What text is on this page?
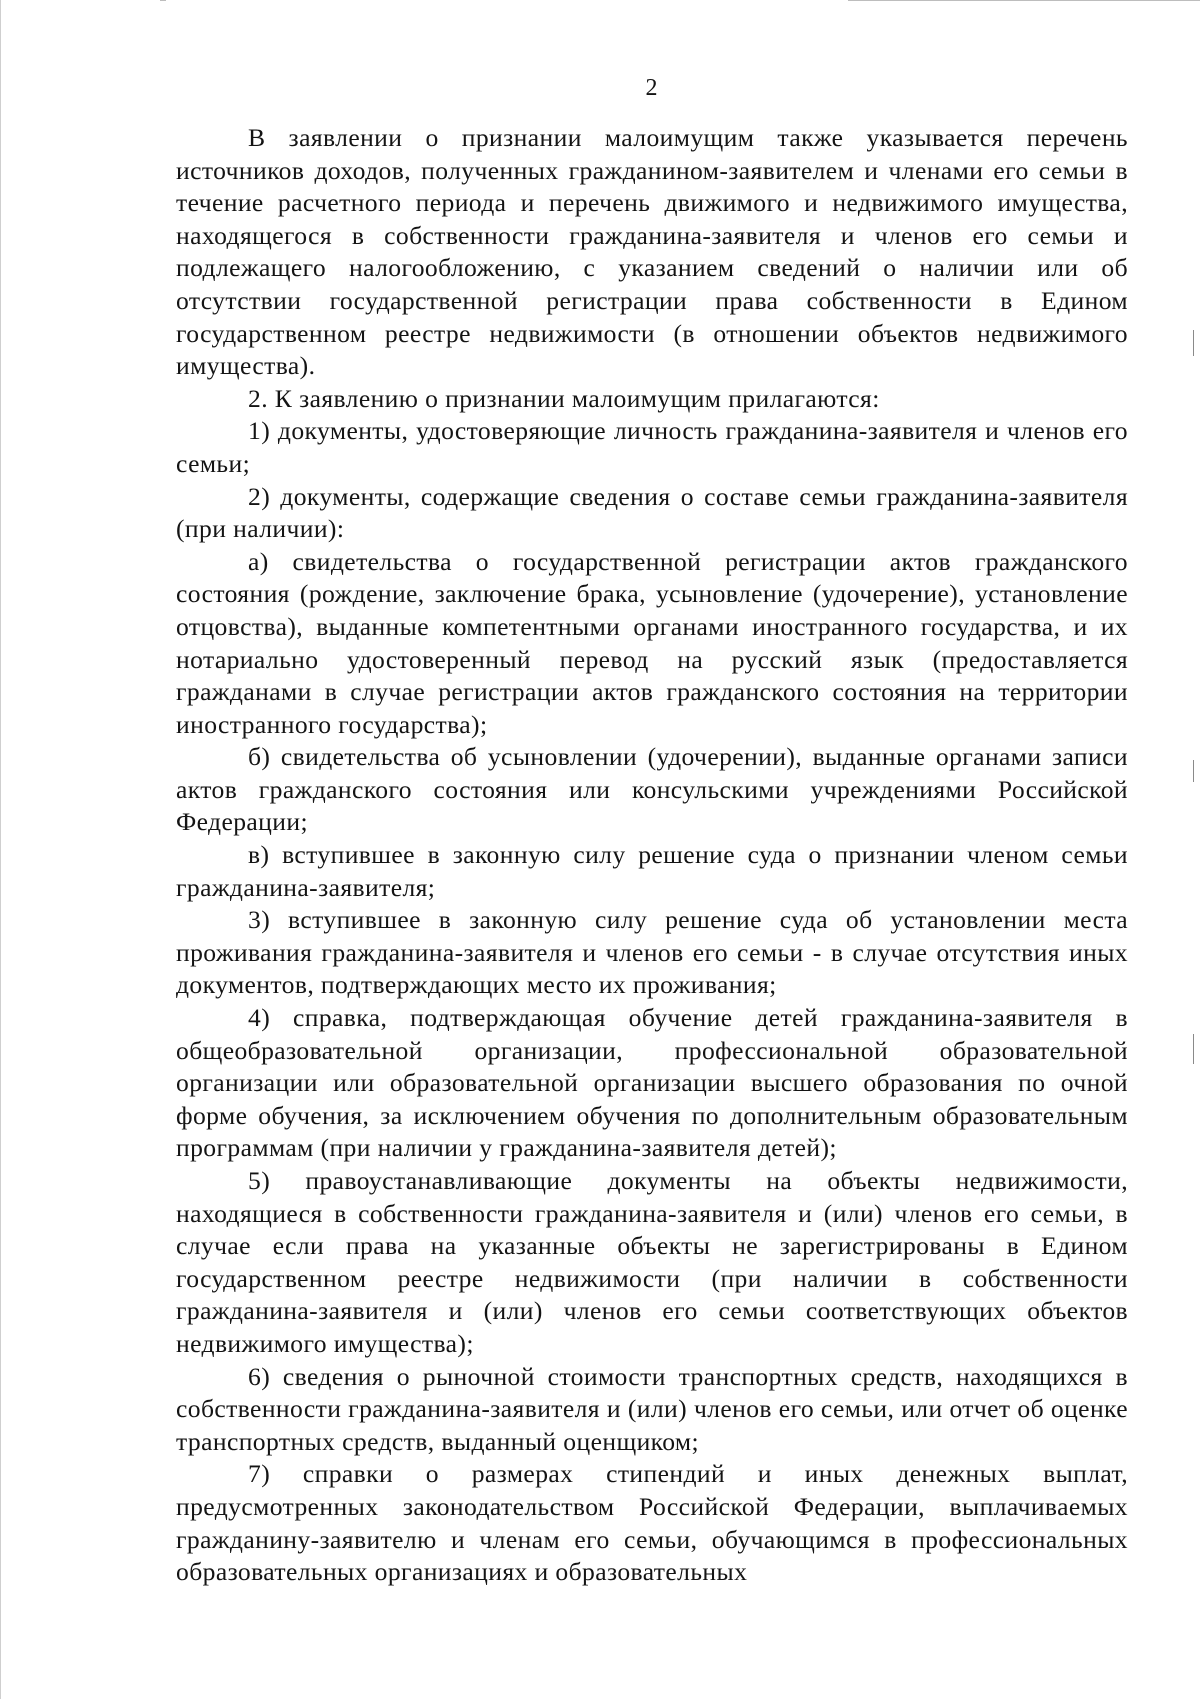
2

В заявлении о признании малоимущим также указывается перечень источников доходов, полученных гражданином-заявителем и членами его семьи в течение расчетного периода и перечень движимого и недвижимого имущества, находящегося в собственности гражданина-заявителя и членов его семьи и подлежащего налогообложению, с указанием сведений о наличии или об отсутствии государственной регистрации права собственности в Едином государственном реестре недвижимости (в отношении объектов недвижимого имущества).

2. К заявлению о признании малоимущим прилагаются:

1) документы, удостоверяющие личность гражданина-заявителя и членов его семьи;

2) документы, содержащие сведения о составе семьи гражданина-заявителя (при наличии):

а) свидетельства о государственной регистрации актов гражданского состояния (рождение, заключение брака, усыновление (удочерение), установление отцовства), выданные компетентными органами иностранного государства, и их нотариально удостоверенный перевод на русский язык (предоставляется гражданами в случае регистрации актов гражданского состояния на территории иностранного государства);

б) свидетельства об усыновлении (удочерении), выданные органами записи актов гражданского состояния или консульскими учреждениями Российской Федерации;

в) вступившее в законную силу решение суда о признании членом семьи гражданина-заявителя;

3) вступившее в законную силу решение суда об установлении места проживания гражданина-заявителя и членов его семьи - в случае отсутствия иных документов, подтверждающих место их проживания;

4) справка, подтверждающая обучение детей гражданина-заявителя в общеобразовательной организации, профессиональной образовательной организации или образовательной организации высшего образования по очной форме обучения, за исключением обучения по дополнительным образовательным программам (при наличии у гражданина-заявителя детей);

5) правоустанавливающие документы на объекты недвижимости, находящиеся в собственности гражданина-заявителя и (или) членов его семьи, в случае если права на указанные объекты не зарегистрированы в Едином государственном реестре недвижимости (при наличии в собственности гражданина-заявителя и (или) членов его семьи соответствующих объектов недвижимого имущества);

6) сведения о рыночной стоимости транспортных средств, находящихся в собственности гражданина-заявителя и (или) членов его семьи, или отчет об оценке транспортных средств, выданный оценщиком;

7) справки о размерах стипендий и иных денежных выплат, предусмотренных законодательством Российской Федерации, выплачиваемых гражданину-заявителю и членам его семьи, обучающимся в профессиональных образовательных организациях и образовательных
